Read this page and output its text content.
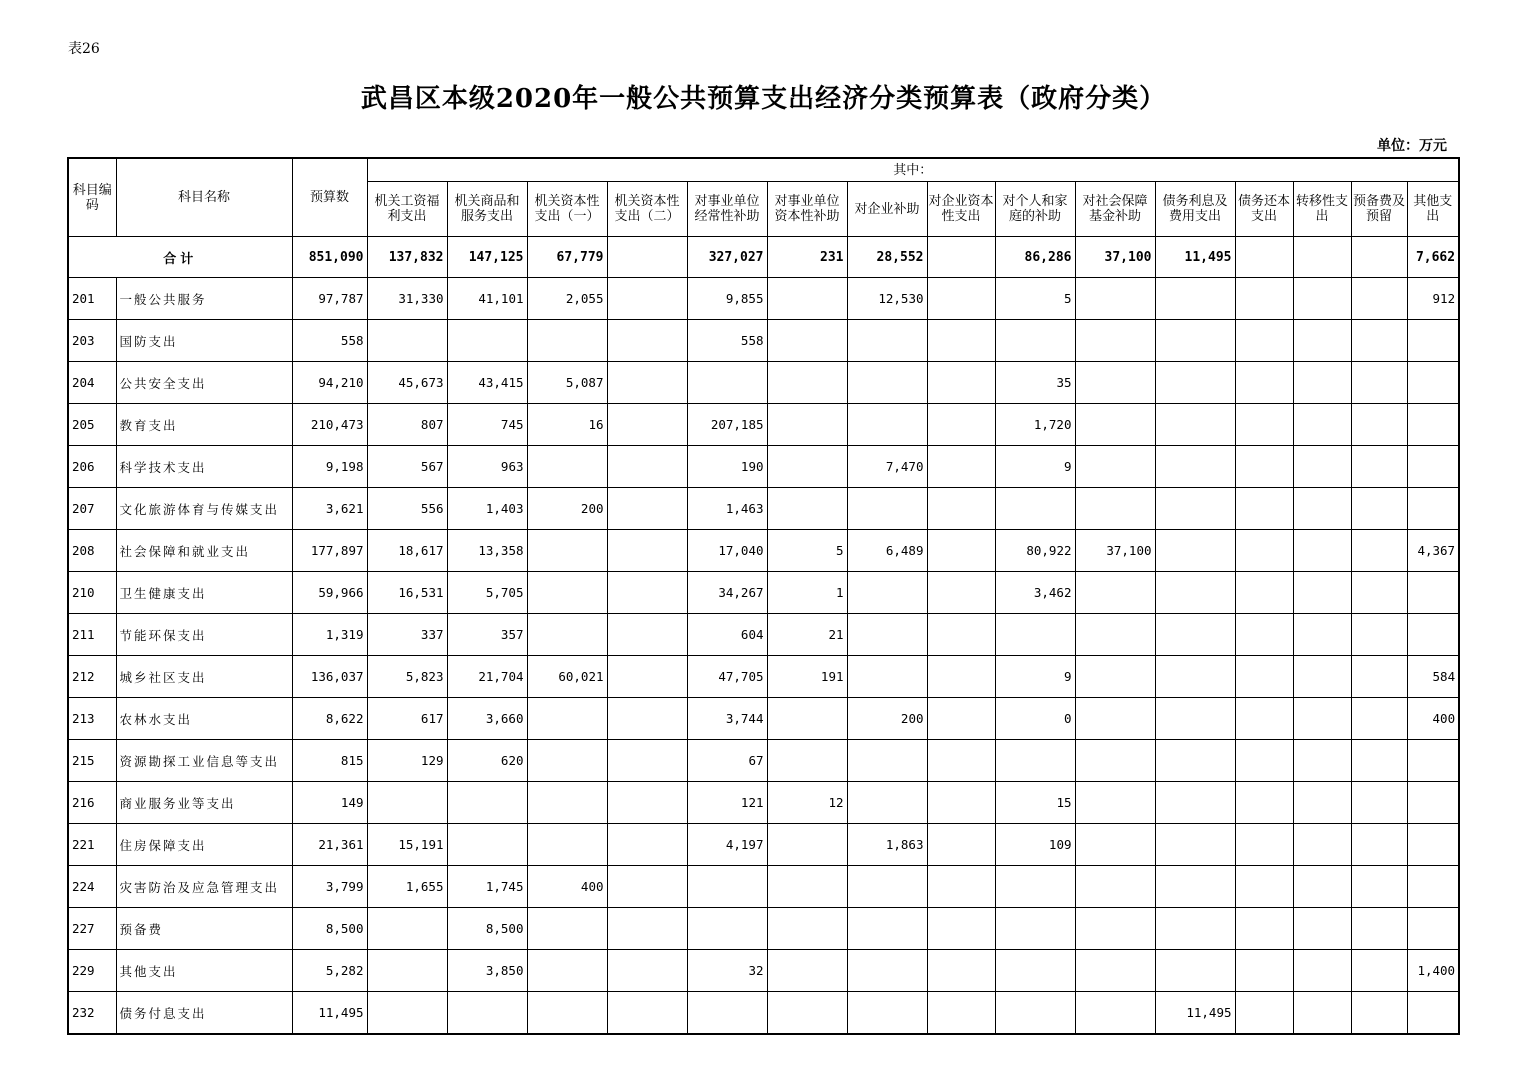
表26
武昌区本级2020年一般公共预算支出经济分类预算表（政府分类）
单位：万元
科目编码	科目名称	预算数	其中：														
			机关工资福利支出	机关商品和服务支出	机关资本性支出（一）	机关资本性支出（二）	对事业单位经常性补助	对事业单位资本性补助	对企业补助	对企业资本性支出	对个人和家庭的补助	对社会保障基金补助	债务利息及费用支出	债务还本支出	转移性支出	预备费及预留	其他支出
合计		851,090	137,832	147,125	67,779		327,027	231	28,552		86,286	37,100	11,495				7,662
201	一般公共服务	97,787	31,330	41,101	2,055		9,855		12,530		5						912
203	国防支出	558					558										
204	公共安全支出	94,210	45,673	43,415	5,087						35						
205	教育支出	210,473	807	745	16		207,185				1,720						
206	科学技术支出	9,198	567	963			190		7,470		9						
207	文化旅游体育与传媒支出	3,621	556	1,403	200		1,463										
208	社会保障和就业支出	177,897	18,617	13,358			17,040	5	6,489		80,922	37,100					4,367
210	卫生健康支出	59,966	16,531	5,705			34,267	1			3,462						
211	节能环保支出	1,319	337	357			604	21									
212	城乡社区支出	136,037	5,823	21,704	60,021		47,705	191			9						584
213	农林水支出	8,622	617	3,660			3,744		200		0						400
215	资源勘探工业信息等支出	815	129	620			67										
216	商业服务业等支出	149					121	12			15						
221	住房保障支出	21,361	15,191				4,197		1,863		109						
224	灾害防治及应急管理支出	3,799	1,655	1,745	400												
227	预备费	8,500		8,500													
229	其他支出	5,282		3,850			32										1,400
232	债务付息支出	11,495											11,495				
